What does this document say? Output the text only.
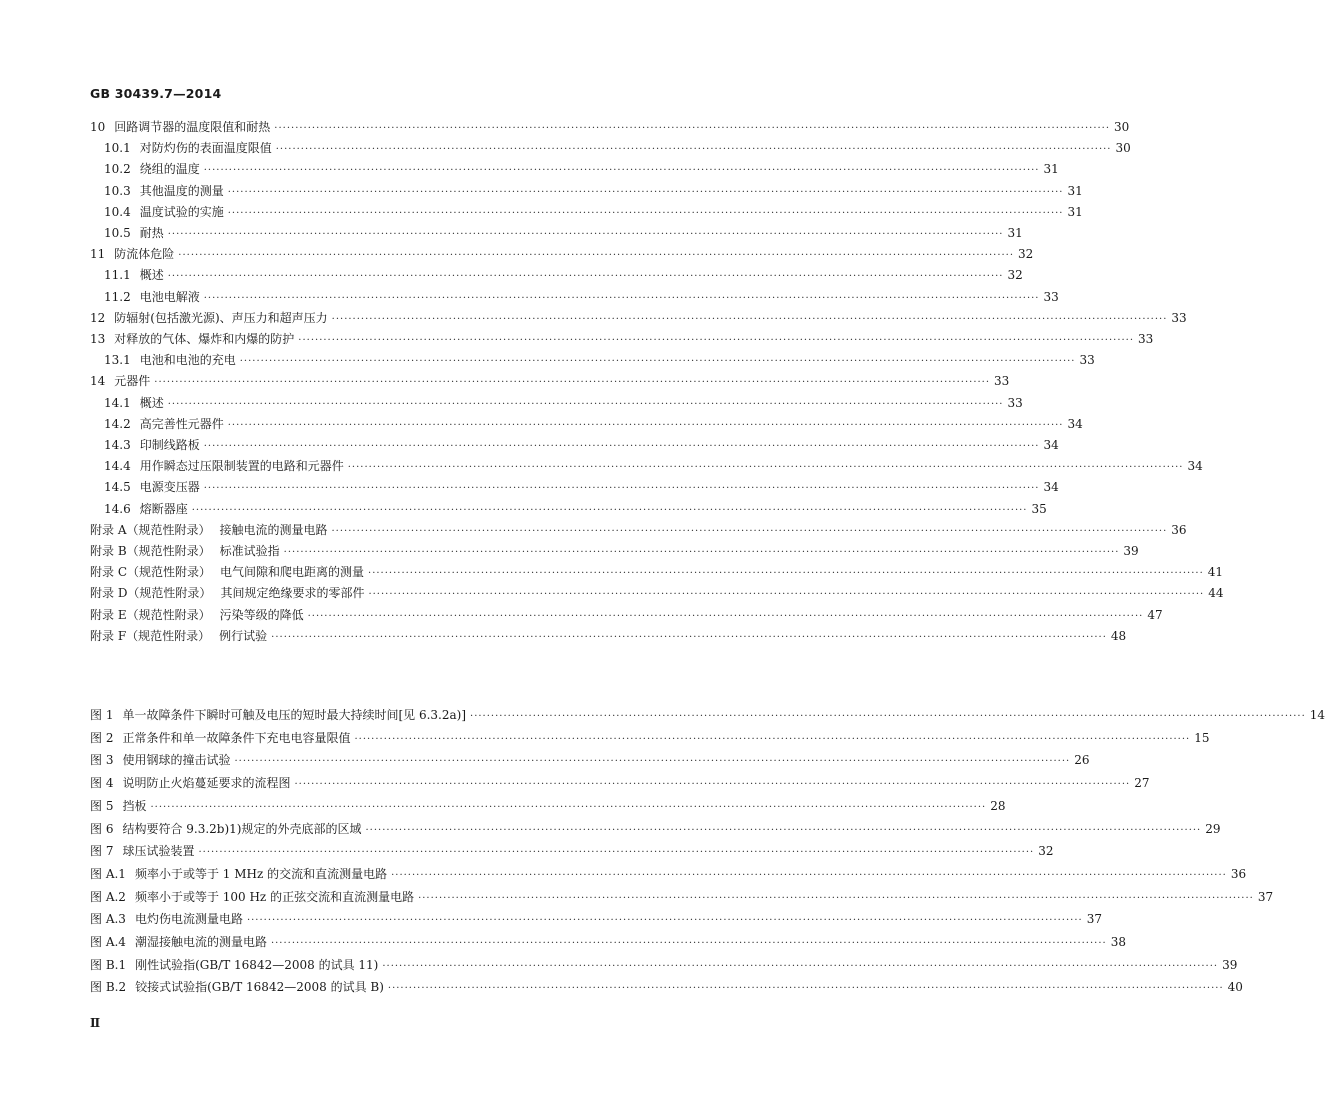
GB 30439.7—2014
10 回路调节器的温度限值和耐热 ········································································································································································································ 30
10.1 对防灼伤的表面温度限值 ········································································································································································································ 30
10.2 绕组的温度 ········································································································································································································ 31
10.3 其他温度的测量 ········································································································································································································ 31
10.4 温度试验的实施 ········································································································································································································ 31
10.5 耐热 ········································································································································································································ 31
11 防流体危险 ········································································································································································································ 32
11.1 概述 ········································································································································································································ 32
11.2 电池电解液 ········································································································································································································ 33
12 防辐射(包括激光源)、声压力和超声压力 ········································································································································································································ 33
13 对释放的气体、爆炸和内爆的防护 ········································································································································································································ 33
13.1 电池和电池的充电 ········································································································································································································ 33
14 元器件 ········································································································································································································ 33
14.1 概述 ········································································································································································································ 33
14.2 高完善性元器件 ········································································································································································································ 34
14.3 印制线路板 ········································································································································································································ 34
14.4 用作瞬态过压限制装置的电路和元器件 ········································································································································································································ 34
14.5 电源变压器 ········································································································································································································ 34
14.6 熔断器座 ········································································································································································································ 35
附录 A（规范性附录） 接触电流的测量电路 ········································································································································································································ 36
附录 B（规范性附录） 标准试验指 ········································································································································································································ 39
附录 C（规范性附录） 电气间隙和爬电距离的测量 ········································································································································································································ 41
附录 D（规范性附录） 其间规定绝缘要求的零部件 ········································································································································································································ 44
附录 E（规范性附录） 污染等级的降低 ········································································································································································································ 47
附录 F（规范性附录） 例行试验 ········································································································································································································ 48
图 1 单一故障条件下瞬时可触及电压的短时最大持续时间[见 6.3.2a)] ········································································································································································································ 14
图 2 正常条件和单一故障条件下充电电容量限值 ········································································································································································································ 15
图 3 使用钢球的撞击试验 ········································································································································································································ 26
图 4 说明防止火焰蔓延要求的流程图 ········································································································································································································ 27
图 5 挡板 ········································································································································································································ 28
图 6 结构要符合 9.3.2b)1)规定的外壳底部的区域 ········································································································································································································ 29
图 7 球压试验装置 ········································································································································································································ 32
图 A.1 频率小于或等于 1 MHz 的交流和直流测量电路 ········································································································································································································ 36
图 A.2 频率小于或等于 100 Hz 的正弦交流和直流测量电路 ········································································································································································································ 37
图 A.3 电灼伤电流测量电路 ········································································································································································································ 37
图 A.4 潮湿接触电流的测量电路 ········································································································································································································ 38
图 B.1 刚性试验指(GB/T 16842—2008 的试具 11) ········································································································································································································ 39
图 B.2 铰接式试验指(GB/T 16842—2008 的试具 B) ········································································································································································································ 40
Ⅱ
